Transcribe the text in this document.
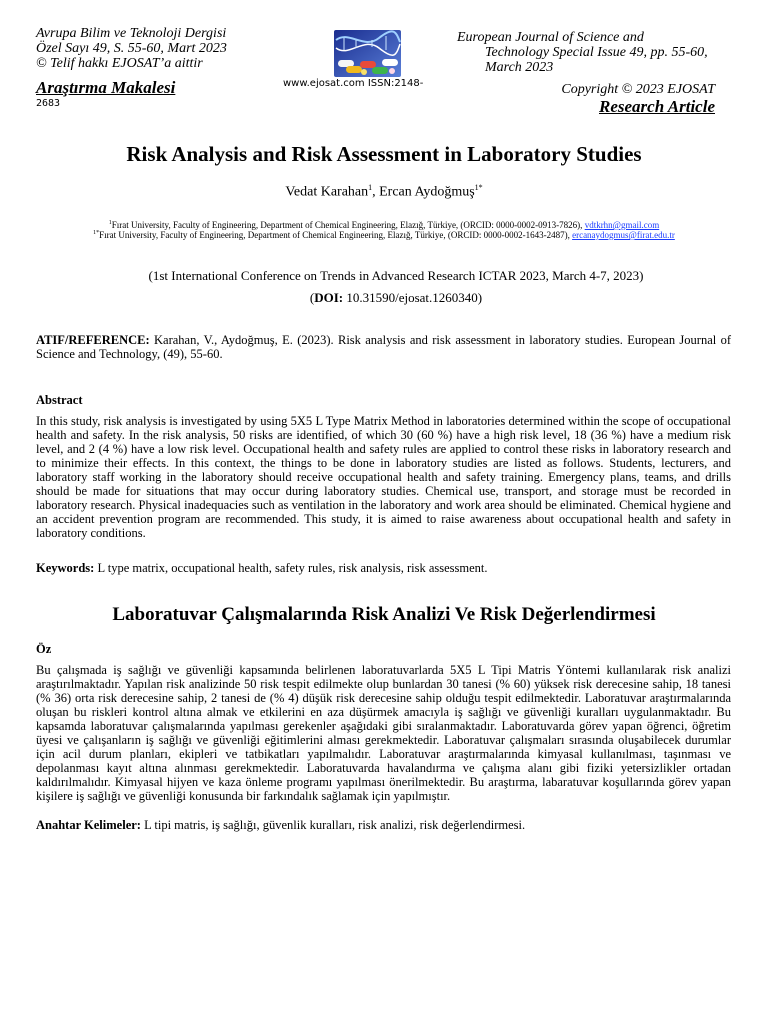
Avrupa Bilim ve Teknoloji Dergisi
Özel Sayı 49, S. 55-60, Mart 2023
© Telif hakkı EJOSAT’a aittir
Araştırma Makalesi
2683
www.ejosat.com ISSN:2148-
European Journal of Science and
Technology Special Issue 49, pp. 55-60,
March 2023
Copyright © 2023 EJOSAT
Research Article
Risk Analysis and Risk Assessment in Laboratory Studies
Vedat Karahan$^1$, Ercan Aydoğmuş$^{1*}$
$^1$Fırat University, Faculty of Engineering, Department of Chemical Engineering, Elazığ, Türkiye, (ORCID: 0000-0002-0913-7826), vdtkrhn@gmail.com
$^{1*}$Fırat University, Faculty of Engineering, Department of Chemical Engineering, Elazığ, Türkiye, (ORCID: 0000-0002-1643-2487), ercanaydogmus@firat.edu.tr
(1st International Conference on Trends in Advanced Research ICTAR 2023, March 4-7, 2023)
(DOI: 10.31590/ejosat.1260340)
ATIF/REFERENCE: Karahan, V., Aydoğmuş, E. (2023). Risk analysis and risk assessment in laboratory studies. European Journal of Science and Technology, (49), 55-60.
Abstract
In this study, risk analysis is investigated by using 5X5 L Type Matrix Method in laboratories determined within the scope of occupational health and safety. In the risk analysis, 50 risks are identified, of which 30 (60 %) have a high risk level, 18 (36 %) have a medium risk level, and 2 (4 %) have a low risk level. Occupational health and safety rules are applied to control these risks in laboratory research and to minimize their effects. In this context, the things to be done in laboratory studies are listed as follows. Students, lecturers, and laboratory staff working in the laboratory should receive occupational health and safety training. Emergency plans, teams, and drills should be made for situations that may occur during laboratory studies. Chemical use, transport, and storage must be recorded in laboratory research. Physical inadequacies such as ventilation in the laboratory and work area should be eliminated. Chemical hygiene and an accident prevention program are recommended. This study, it is aimed to raise awareness about occupational health and safety in laboratory conditions.
Keywords: L type matrix, occupational health, safety rules, risk analysis, risk assessment.
Laboratuvar Çalışmalarında Risk Analizi Ve Risk Değerlendirmesi
Öz
Bu çalışmada iş sağlığı ve güvenliği kapsamında belirlenen laboratuvarlarda 5X5 L Tipi Matris Yöntemi kullanılarak risk analizi araştırılmaktadır. Yapılan risk analizinde 50 risk tespit edilmekte olup bunlardan 30 tanesi (% 60) yüksek risk derecesine sahip, 18 tanesi (% 36) orta risk derecesine sahip, 2 tanesi de (% 4) düşük risk derecesine sahip olduğu tespit edilmektedir. Laboratuvar araştırmalarında oluşan bu riskleri kontrol altına almak ve etkilerini en aza düşürmek amacıyla iş sağlığı ve güvenliği kuralları uygulanmaktadır. Bu kapsamda laboratuvar çalışmalarında yapılması gerekenler aşağıdaki gibi sıralanmaktadır. Laboratuvarda görev yapan öğrenci, öğretim üyesi ve çalışanların iş sağlığı ve güvenliği eğitimlerini alması gerekmektedir. Laboratuvar çalışmaları sırasında oluşabilecek durumlar için acil durum planları, ekipleri ve tatbikatları yapılmalıdır. Laboratuvar araştırmalarında kimyasal kullanılması, taşınması ve depolanması kayıt altına alınması gerekmektedir. Laboratuvarda havalandırma ve çalışma alanı gibi fiziki yetersizlikler ortadan kaldırılmalıdır. Kimyasal hijyen ve kaza önleme programı yapılması önerilmektedir. Bu araştırma, labaratuvar koşullarında görev yapan kişilere iş sağlığı ve güvenliği konusunda bir farkındalık sağlamak için yapılmıştır.
Anahtar Kelimeler: L tipi matris, iş sağlığı, güvenlik kuralları, risk analizi, risk değerlendirmesi.
